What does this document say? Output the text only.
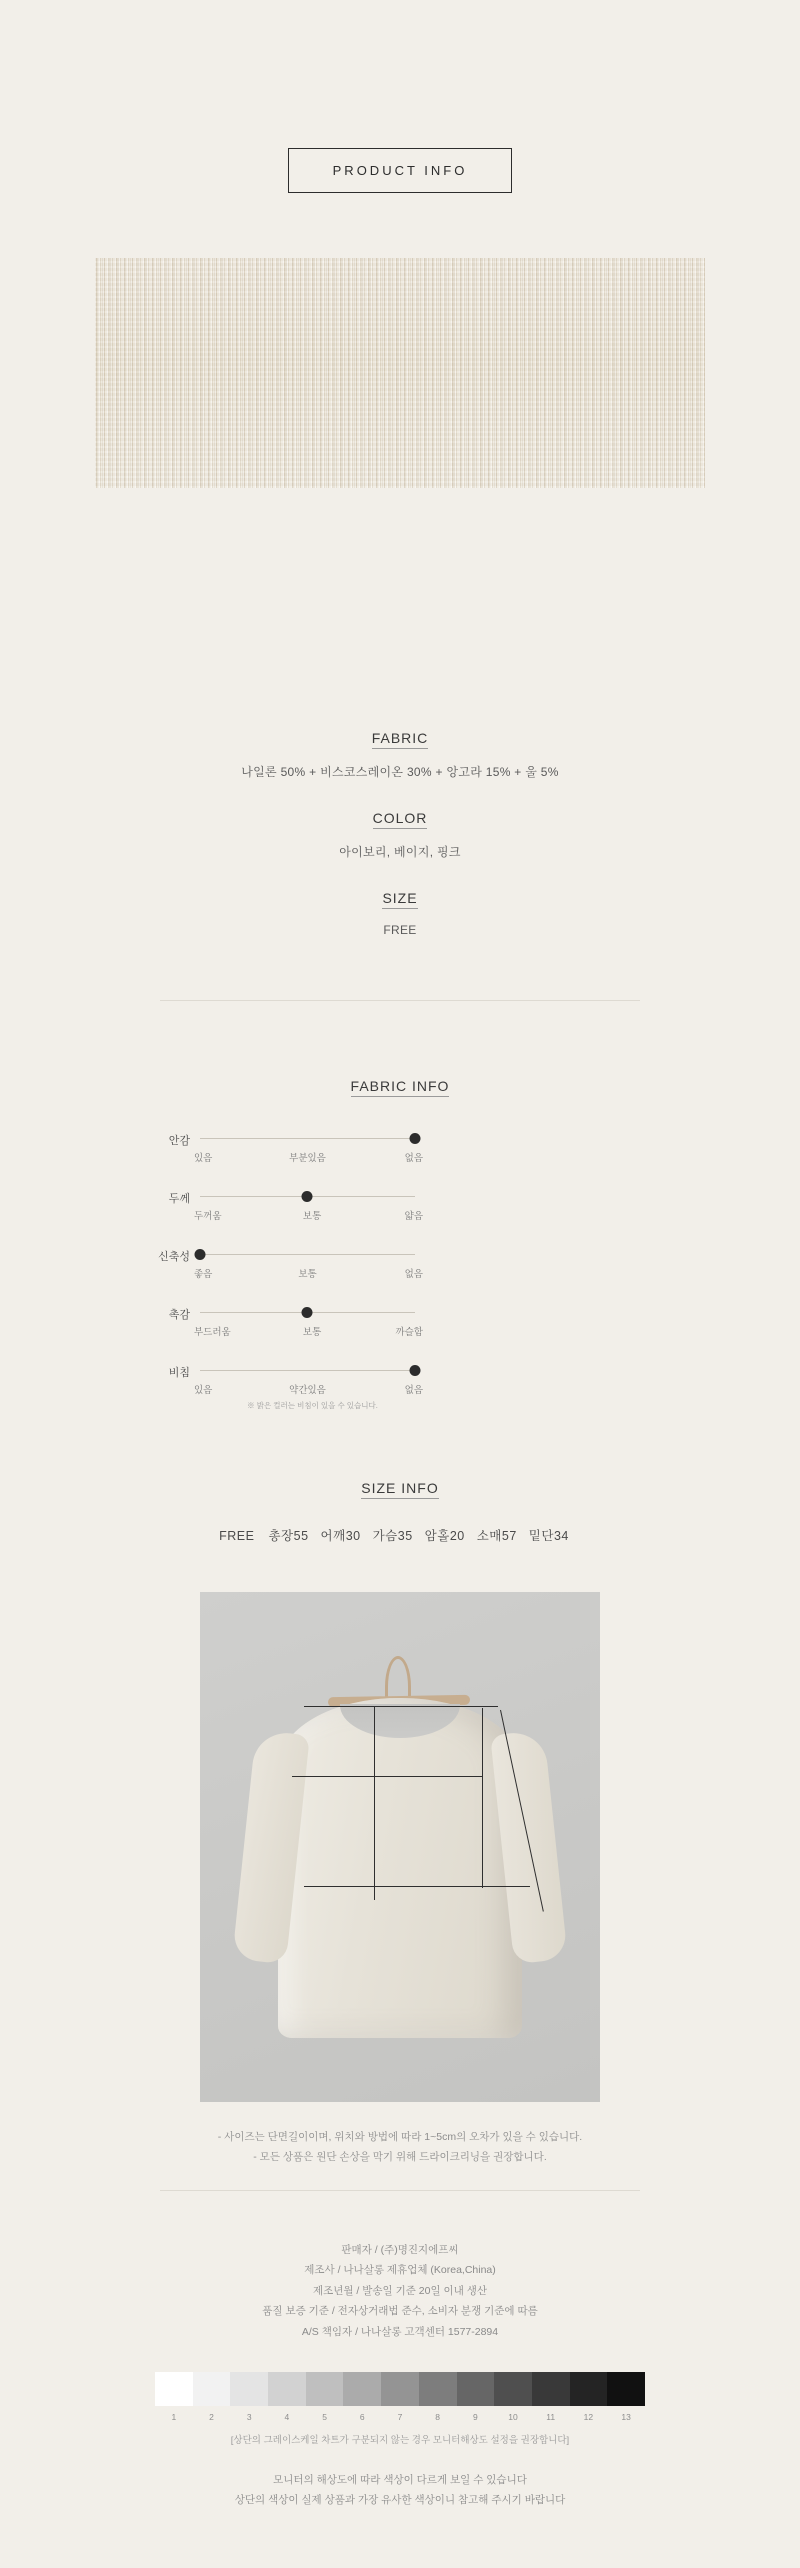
PRODUCT INFO
FABRIC

나일론 50% + 비스코스레이온 30% + 앙고라 15% + 울 5%

COLOR

아이보리, 베이지, 핑크

SIZE

FREE

FABRIC INFO
안감
있음	부분있음	없음
두께
두꺼움	보통	얇음
신축성
좋음	보통	없음
촉감
부드러움	보통	까슬함
비침
있음	약간있음	없음
※ 밝은 컬러는 비침이 있을 수 있습니다.
SIZE INFO
FREE 총장55 어깨30 가슴35 암홀20 소매57 밑단34
- 사이즈는 단면길이이며, 위치와 방법에 따라 1~5cm의 오차가 있을 수 있습니다.
- 모든 상품은 원단 손상을 막기 위해 드라이크리닝을 권장합니다.
판매자 / (주)명진지에프씨
제조사 / 나나살롱 제휴업체 (Korea,China)
제조년월 / 발송일 기준 20일 이내 생산
품질 보증 기준 / 전자상거래법 준수, 소비자 분쟁 기준에 따름
A/S 책임자 / 나나살롱 고객센터 1577-2894
1	2	3	4	5	6	7	8	9	10	11	12	13
[상단의 그레이스케일 차트가 구분되지 않는 경우 모니터해상도 설정을 권장합니다]
모니터의 해상도에 따라 색상이 다르게 보일 수 있습니다
상단의 색상이 실제 상품과 가장 유사한 색상이니 참고해 주시기 바랍니다
